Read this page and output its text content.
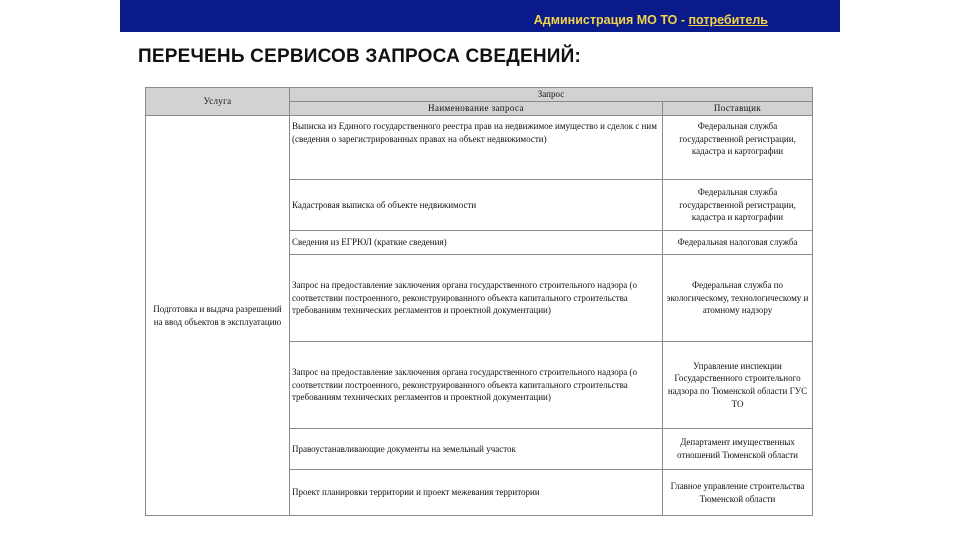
Администрация МО ТО - потребитель
ПЕРЕЧЕНЬ СЕРВИСОВ ЗАПРОСА СВЕДЕНИЙ:
Услуга	Запрос	
	Наименование запроса	Поставщик
Подготовка и выдача разрешений на ввод объектов в эксплуатацию	Выписка из Единого государственного реестра прав на недвижимое имущество и сделок с ним (сведения о зарегистрированных правах на объект недвижимости)	Федеральная служба государственной регистрации, кадастра и картографии
	Кадастровая выписка об объекте недвижимости	Федеральная служба государственной регистрации, кадастра и картографии
	Сведения из ЕГРЮЛ (краткие сведения)	Федеральная налоговая служба
	Запрос на предоставление заключения органа государственного строительного надзора (о соответствии построенного, реконструированного объекта капитального строительства требованиям технических регламентов и проектной документации)	Федеральная служба по экологическому, технологическому и атомному надзору
	Запрос на предоставление заключения органа государственного строительного надзора (о соответствии построенного, реконструированного объекта капитального строительства требованиям технических регламентов и проектной документации)	Управление инспекции Государственного строительного надзора по Тюменской области ГУС ТО
	Правоустанавливающие документы на земельный участок	Департамент имущественных отношений Тюменской области
	Проект планировки территории и проект межевания территории	Главное управление строительства Тюменской области
